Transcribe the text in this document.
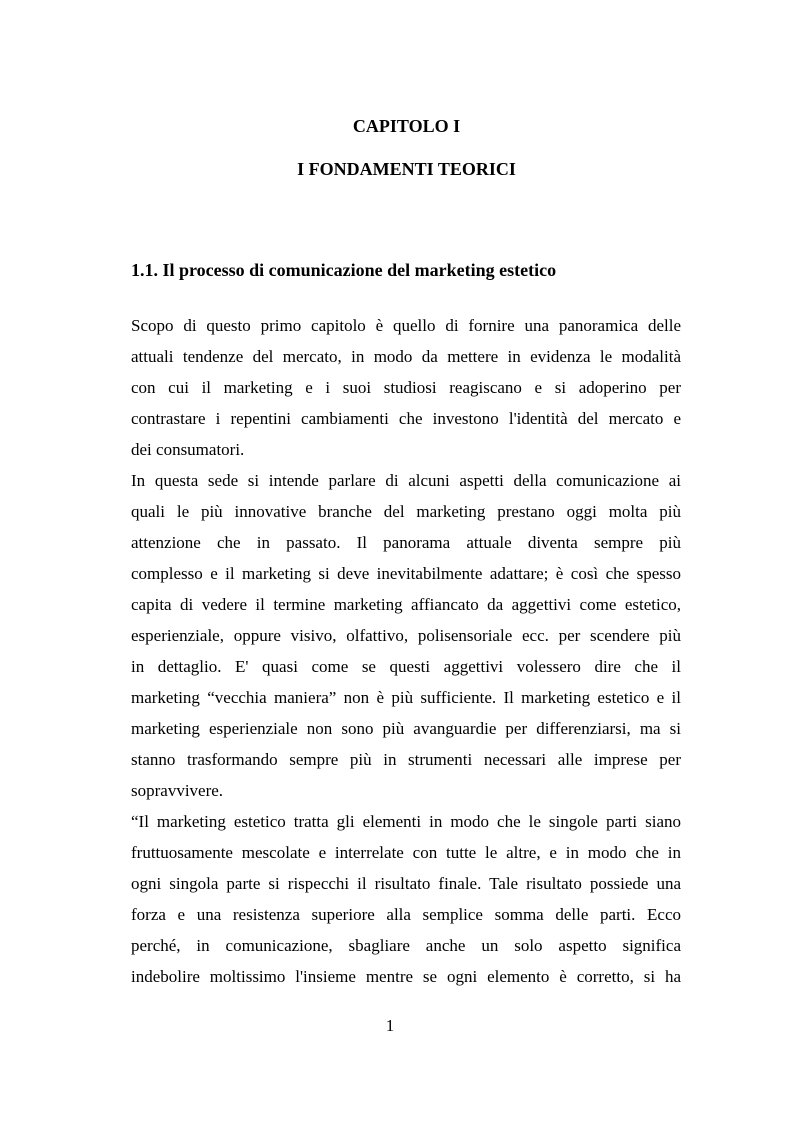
CAPITOLO I
I FONDAMENTI TEORICI
1.1. Il processo di comunicazione del marketing estetico
Scopo di questo primo capitolo è quello di fornire una panoramica delle
attuali tendenze del mercato, in modo da mettere in evidenza le modalità
con cui il marketing e i suoi studiosi reagiscano e si adoperino per
contrastare i repentini cambiamenti che investono l'identità del mercato e
dei consumatori.
In questa sede si intende parlare di alcuni aspetti della comunicazione ai
quali le più innovative branche del marketing prestano oggi molta più
attenzione che in passato. Il panorama attuale diventa sempre più
complesso e il marketing si deve inevitabilmente adattare; è così che spesso
capita di vedere il termine marketing affiancato da aggettivi come estetico,
esperienziale, oppure visivo, olfattivo, polisensoriale ecc. per scendere più
in dettaglio. E' quasi come se questi aggettivi volessero dire che il
marketing “vecchia maniera” non è più sufficiente. Il marketing estetico e il
marketing esperienziale non sono più avanguardie per differenziarsi, ma si
stanno trasformando sempre più in strumenti necessari alle imprese per
sopravvivere.
“Il marketing estetico tratta gli elementi in modo che le singole parti siano
fruttuosamente mescolate e interrelate con tutte le altre, e in modo che in
ogni singola parte si rispecchi il risultato finale. Tale risultato possiede una
forza e una resistenza superiore alla semplice somma delle parti. Ecco
perché, in comunicazione, sbagliare anche un solo aspetto significa
indebolire moltissimo l'insieme mentre se ogni elemento è corretto, si ha
1
